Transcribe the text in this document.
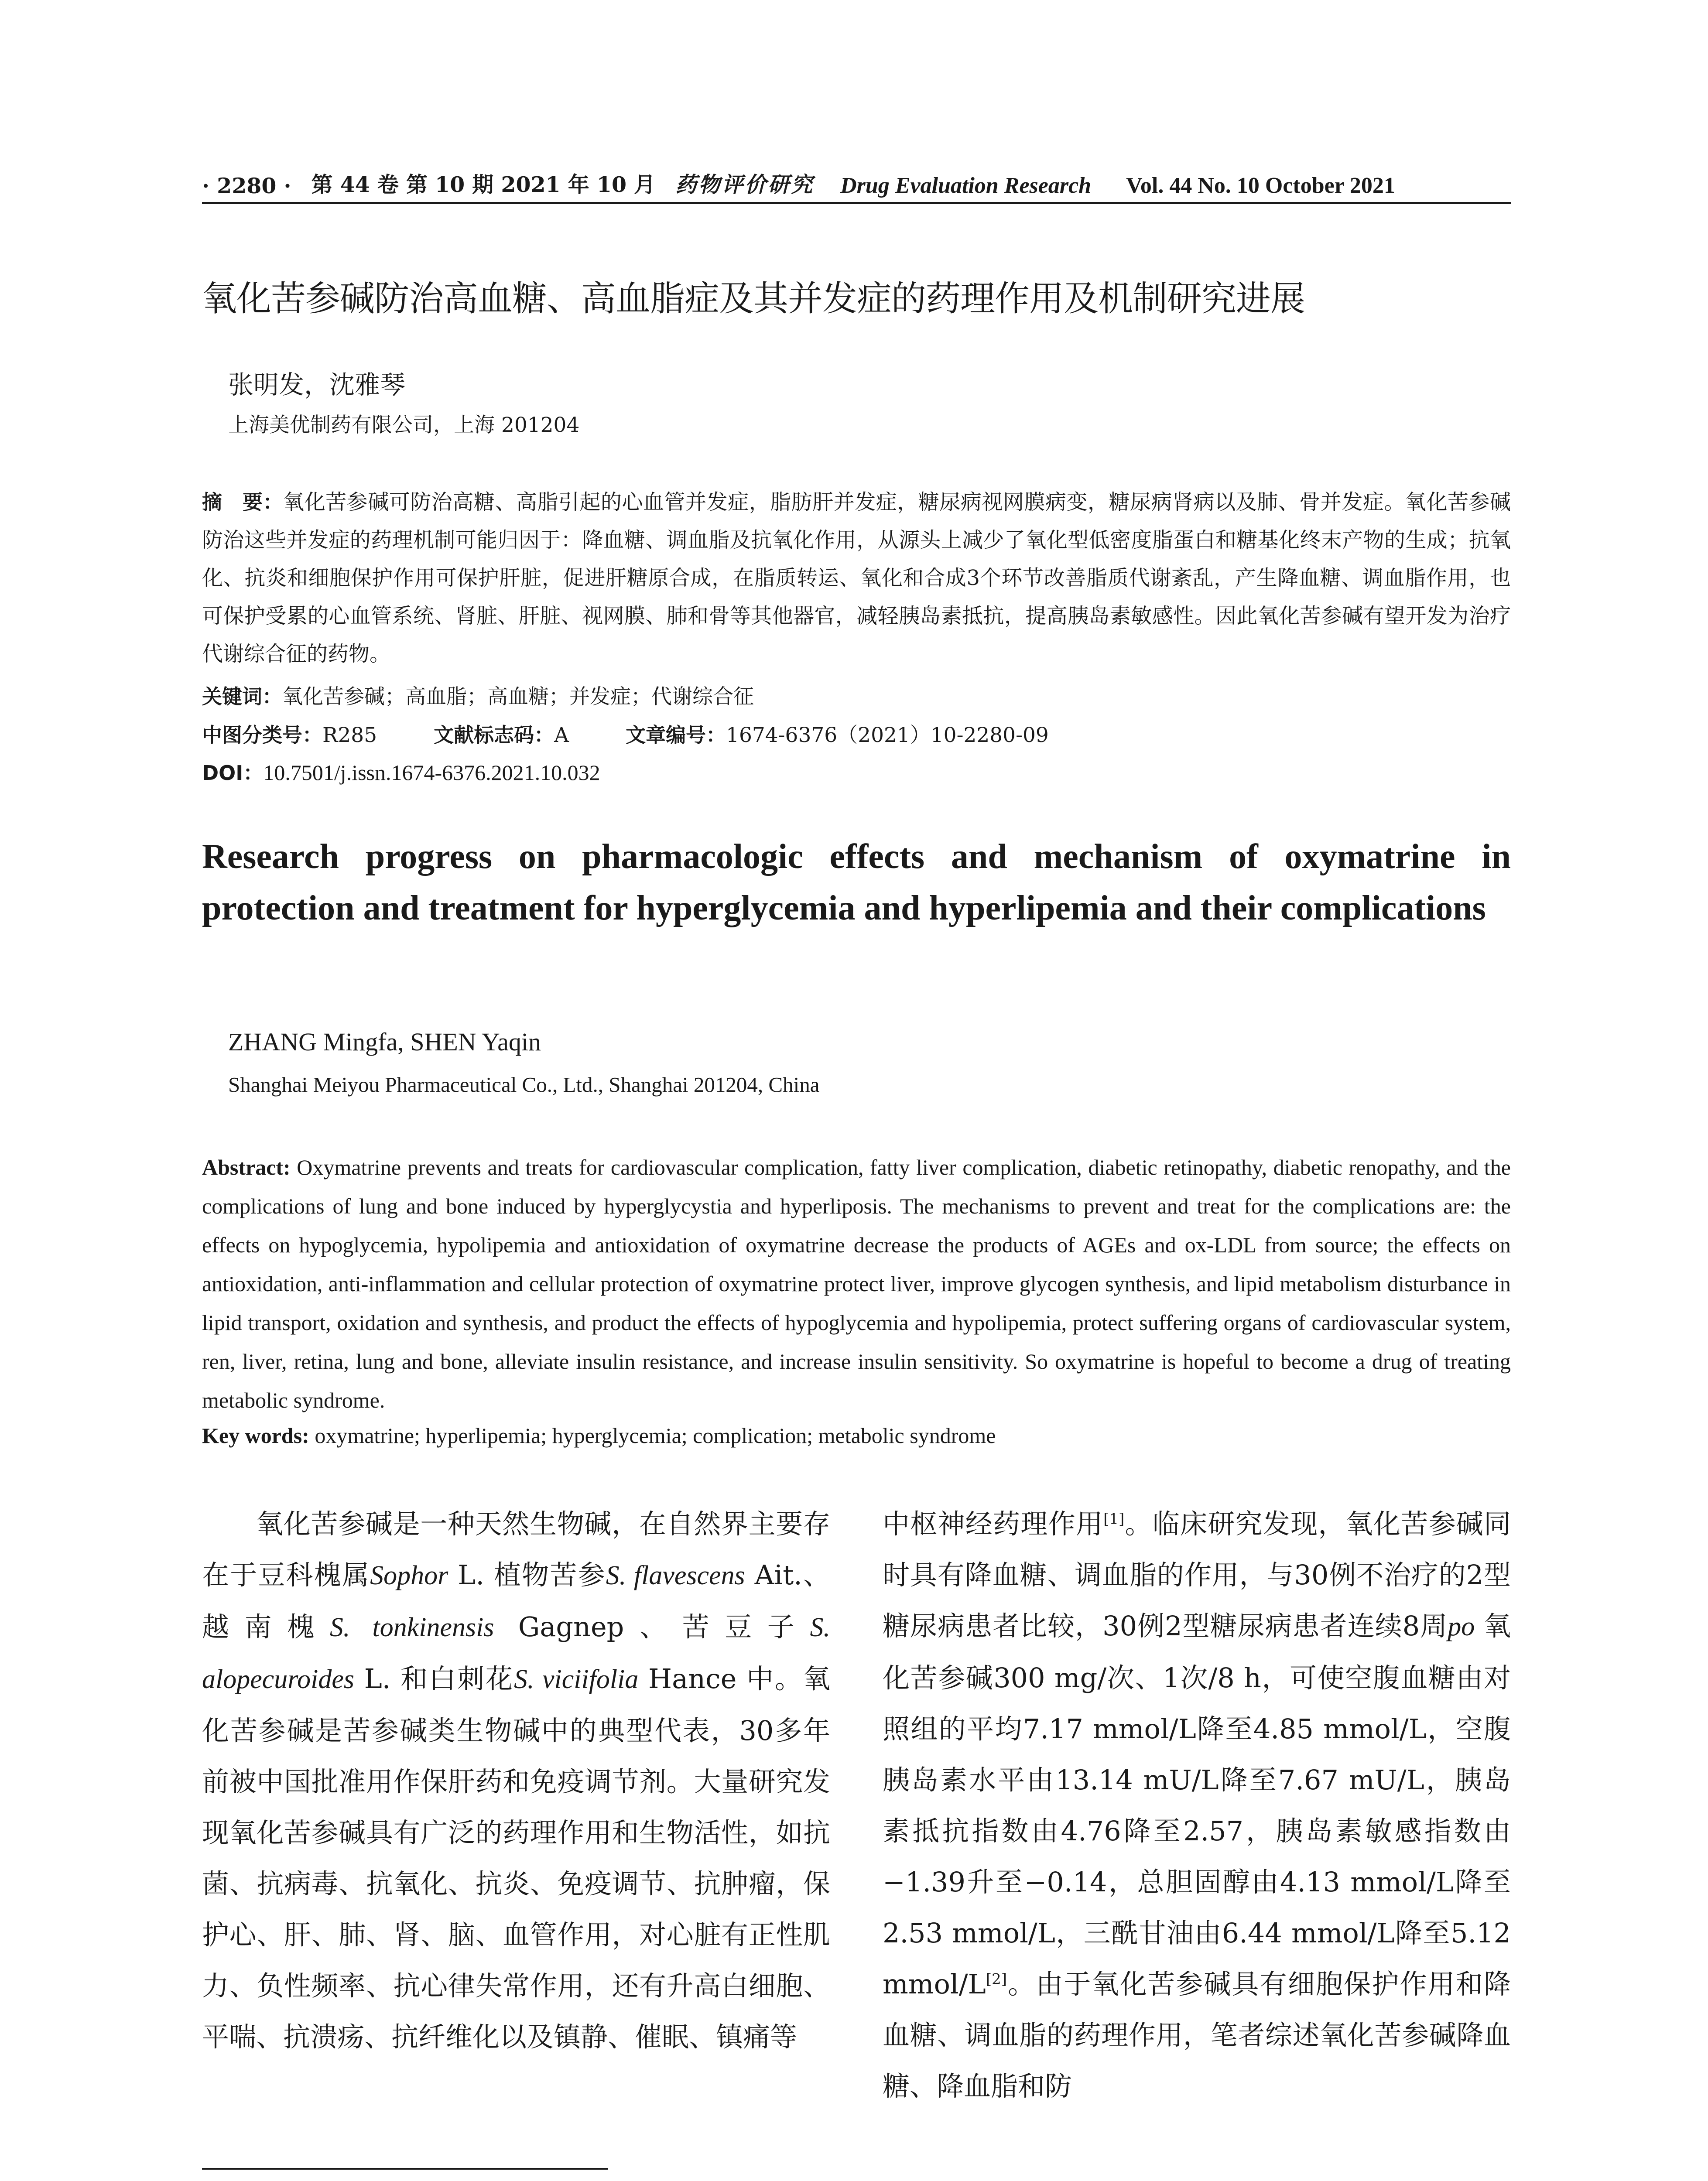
· 2280 · 第 44 卷 第 10 期 2021 年 10 月 药物评价研究 Drug Evaluation Research Vol. 44 No. 10 October 2021
氧化苦参碱防治高血糖、高血脂症及其并发症的药理作用及机制研究进展
张明发，沈雅琴
上海美优制药有限公司，上海 201204
摘　要：氧化苦参碱可防治高糖、高脂引起的心血管并发症，脂肪肝并发症，糖尿病视网膜病变，糖尿病肾病以及肺、骨并发症。氧化苦参碱防治这些并发症的药理机制可能归因于：降血糖、调血脂及抗氧化作用，从源头上减少了氧化型低密度脂蛋白和糖基化终末产物的生成；抗氧化、抗炎和细胞保护作用可保护肝脏，促进肝糖原合成，在脂质转运、氧化和合成3个环节改善脂质代谢紊乱，产生降血糖、调血脂作用，也可保护受累的心血管系统、肾脏、肝脏、视网膜、肺和骨等其他器官，减轻胰岛素抵抗，提高胰岛素敏感性。因此氧化苦参碱有望开发为治疗代谢综合征的药物。
关键词：氧化苦参碱；高血脂；高血糖；并发症；代谢综合征
中图分类号：R285	文献标志码：A	文章编号：1674-6376（2021）10-2280-09
DOI：10.7501/j.issn.1674-6376.2021.10.032
Research progress on pharmacologic effects and mechanism of oxymatrine in protection and treatment for hyperglycemia and hyperlipemia and their complications
ZHANG Mingfa, SHEN Yaqin
Shanghai Meiyou Pharmaceutical Co., Ltd., Shanghai 201204, China
Abstract: Oxymatrine prevents and treats for cardiovascular complication, fatty liver complication, diabetic retinopathy, diabetic renopathy, and the complications of lung and bone induced by hyperglycystia and hyperliposis. The mechanisms to prevent and treat for the complications are: the effects on hypoglycemia, hypolipemia and antioxidation of oxymatrine decrease the products of AGEs and ox-LDL from source; the effects on antioxidation, anti-inflammation and cellular protection of oxymatrine protect liver, improve glycogen synthesis, and lipid metabolism disturbance in lipid transport, oxidation and synthesis, and product the effects of hypoglycemia and hypolipemia, protect suffering organs of cardiovascular system, ren, liver, retina, lung and bone, alleviate insulin resistance, and increase insulin sensitivity. So oxymatrine is hopeful to become a drug of treating metabolic syndrome.
Key words: oxymatrine; hyperlipemia; hyperglycemia; complication; metabolic syndrome
氧化苦参碱是一种天然生物碱，在自然界主要存在于豆科槐属Sophor L. 植物苦参S. flavescens Ait.、越南槐S. tonkinensis Gagnep、苦豆子S. alopecuroides L. 和白刺花S. viciifolia Hance 中。氧化苦参碱是苦参碱类生物碱中的典型代表，30多年前被中国批准用作保肝药和免疫调节剂。大量研究发现氧化苦参碱具有广泛的药理作用和生物活性，如抗菌、抗病毒、抗氧化、抗炎、免疫调节、抗肿瘤，保护心、肝、肺、肾、脑、血管作用，对心脏有正性肌力、负性频率、抗心律失常作用，还有升高白细胞、平喘、抗溃疡、抗纤维化以及镇静、催眠、镇痛等
中枢神经药理作用[1]。临床研究发现，氧化苦参碱同时具有降血糖、调血脂的作用，与30例不治疗的2型糖尿病患者比较，30例2型糖尿病患者连续8周po 氧化苦参碱300 mg/次、1次/8 h，可使空腹血糖由对照组的平均7.17 mmol/L降至4.85 mmol/L，空腹胰岛素水平由13.14 mU/L降至7.67 mU/L，胰岛素抵抗指数由4.76降至2.57，胰岛素敏感指数由−1.39升至−0.14，总胆固醇由4.13 mmol/L降至2.53 mmol/L，三酰甘油由6.44 mmol/L降至5.12 mmol/L[2]。由于氧化苦参碱具有细胞保护作用和降血糖、调血脂的药理作用，笔者综述氧化苦参碱降血糖、降血脂和防
